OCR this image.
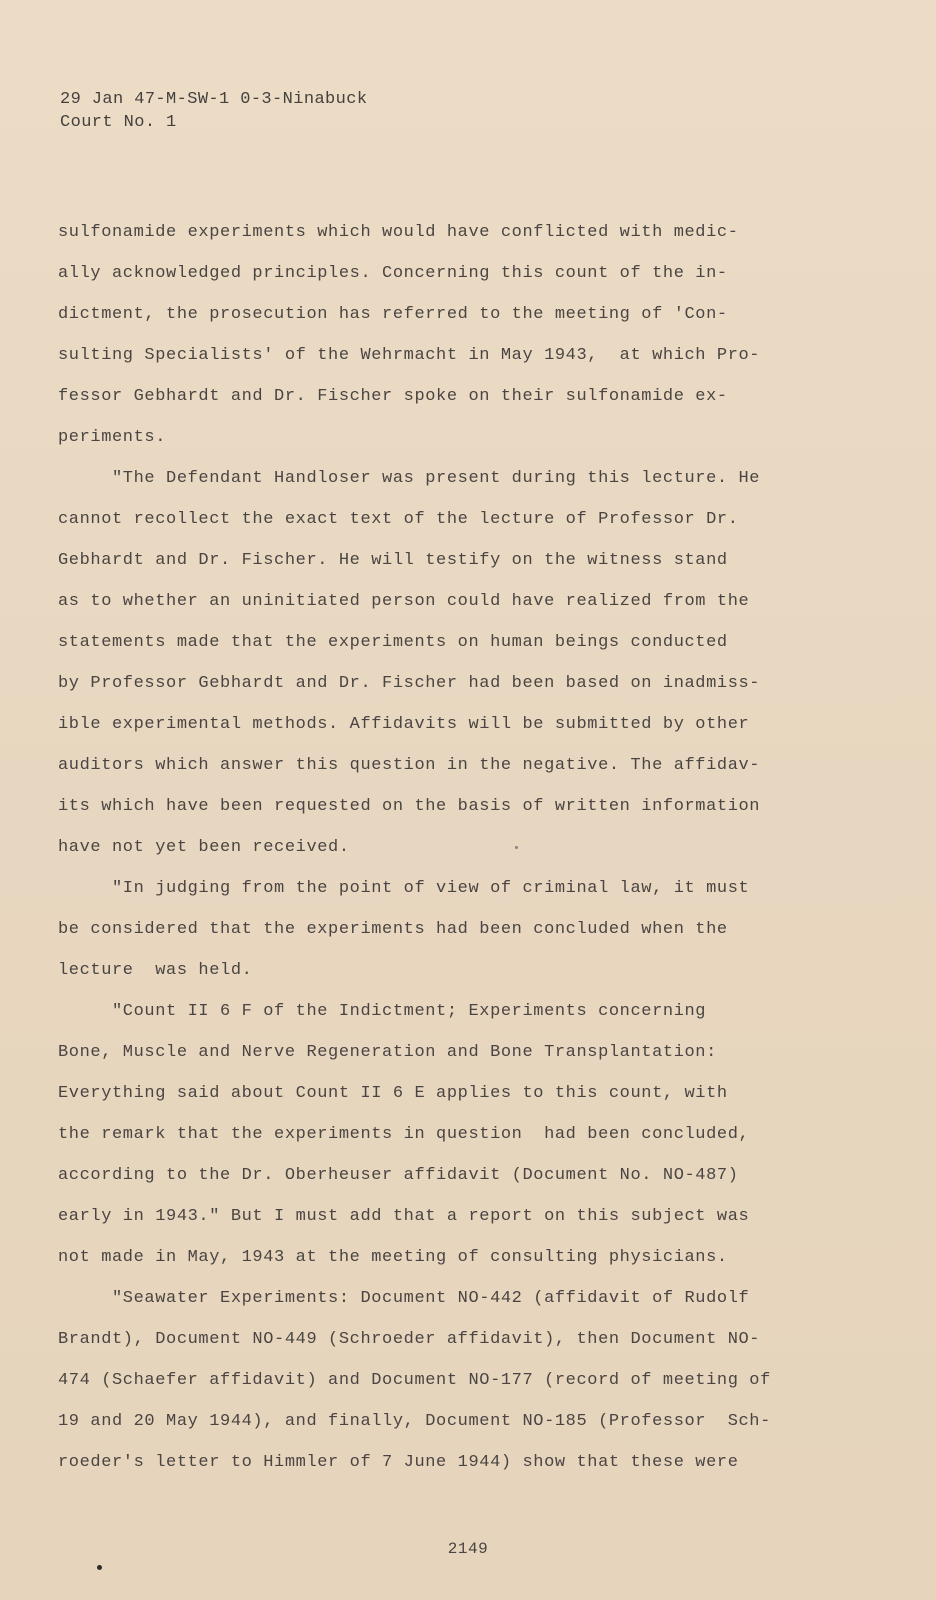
29 Jan 47-M-SW-1 0-3-Ninabuck
Court No. 1
sulfonamide experiments which would have conflicted with medic-
ally acknowledged principles. Concerning this count of the in-
dictment, the prosecution has referred to the meeting of 'Con-
sulting Specialists' of the Wehrmacht in May 1943,  at which Pro-
fessor Gebhardt and Dr. Fischer spoke on their sulfonamide ex-
periments.
"The Defendant Handloser was present during this lecture. He
cannot recollect the exact text of the lecture of Professor Dr.
Gebhardt and Dr. Fischer. He will testify on the witness stand
as to whether an uninitiated person could have realized from the
statements made that the experiments on human beings conducted
by Professor Gebhardt and Dr. Fischer had been based on inadmiss-
ible experimental methods. Affidavits will be submitted by other
auditors which answer this question in the negative. The affidav-
its which have been requested on the basis of written information
have not yet been received.
"In judging from the point of view of criminal law, it must
be considered that the experiments had been concluded when the
lecture  was held.
"Count II 6 F of the Indictment; Experiments concerning
Bone, Muscle and Nerve Regeneration and Bone Transplantation:
Everything said about Count II 6 E applies to this count, with
the remark that the experiments in question  had been concluded,
according to the Dr. Oberheuser affidavit (Document No. NO-487)
early in 1943." But I must add that a report on this subject was
not made in May, 1943 at the meeting of consulting physicians.
"Seawater Experiments: Document NO-442 (affidavit of Rudolf
Brandt), Document NO-449 (Schroeder affidavit), then Document NO-
474 (Schaefer affidavit) and Document NO-177 (record of meeting of
19 and 20 May 1944), and finally, Document NO-185 (Professor  Sch-
roeder's letter to Himmler of 7 June 1944) show that these were
2149
